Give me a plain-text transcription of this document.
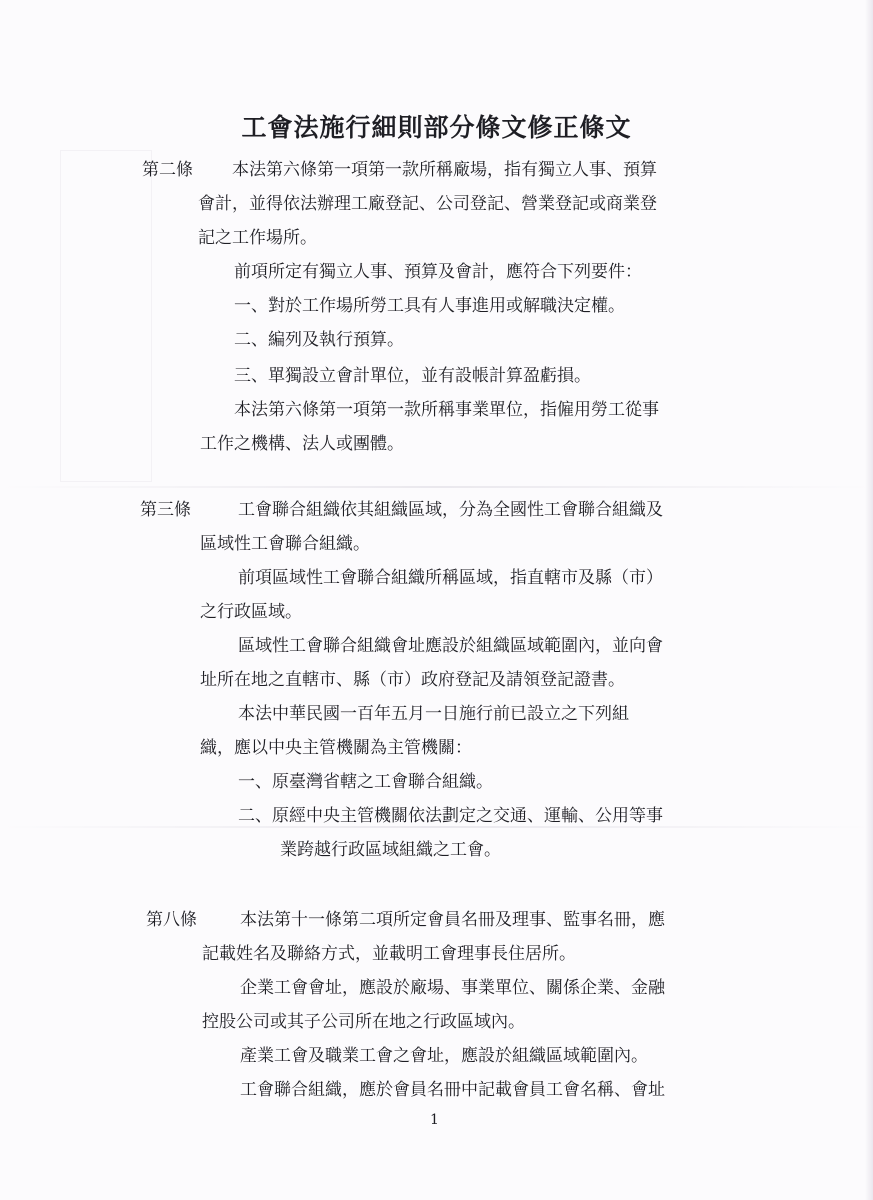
工會法施行細則部分條文修正條文
第二條 本法第六條第一項第一款所稱廠場，指有獨立人事、預算
會計，並得依法辦理工廠登記、公司登記、營業登記或商業登
記之工作場所。
前項所定有獨立人事、預算及會計，應符合下列要件：
一、對於工作場所勞工具有人事進用或解職決定權。
二、編列及執行預算。
三、單獨設立會計單位，並有設帳計算盈虧損。
本法第六條第一項第一款所稱事業單位，指僱用勞工從事
工作之機構、法人或團體。
第三條	工會聯合組織依其組織區域，分為全國性工會聯合組織及
區域性工會聯合組織。
前項區域性工會聯合組織所稱區域，指直轄市及縣（市）
之行政區域。
區域性工會聯合組織會址應設於組織區域範圍內，並向會
址所在地之直轄市、縣（市）政府登記及請領登記證書。
本法中華民國一百年五月一日施行前已設立之下列組
織，應以中央主管機關為主管機關：
一、原臺灣省轄之工會聯合組織。
二、原經中央主管機關依法劃定之交通、運輸、公用等事
業跨越行政區域組織之工會。
第八條	本法第十一條第二項所定會員名冊及理事、監事名冊，應
記載姓名及聯絡方式，並載明工會理事長住居所。
企業工會會址，應設於廠場、事業單位、關係企業、金融
控股公司或其子公司所在地之行政區域內。
產業工會及職業工會之會址，應設於組織區域範圍內。
工會聯合組織，應於會員名冊中記載會員工會名稱、會址
1
